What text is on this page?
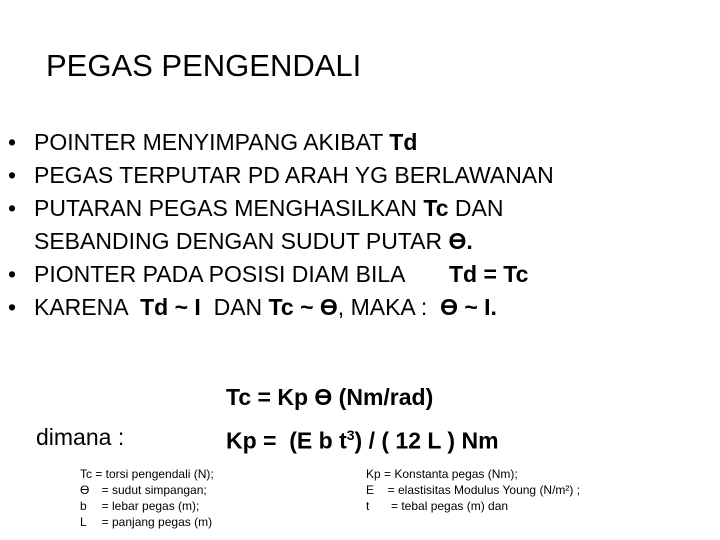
PEGAS PENGENDALI
• POINTER MENYIMPANG AKIBAT Td
• PEGAS TERPUTAR PD ARAH YG BERLAWANAN
• PUTARAN PEGAS MENGHASILKAN Tc DAN
SEBANDING DENGAN SUDUT PUTAR ϴ.
• PIONTER PADA POSISI DIAM BILA       Td = Tc
• KARENA  Td ~ I  DAN Tc ~ ϴ, MAKA :  ϴ ~ I.
dimana :
Tc = Kp ϴ (Nm/rad)
Kp =  (E b $t^3$) / ( 12 L ) Nm
Tc = torsi pengendali (N);
ϴ  = sudut simpangan;
b  = lebar pegas (m);
L  = panjang pegas (m)
Kp = Konstanta pegas (Nm);
E  = elastisitas Modulus Young (N/m²) ;
t   = tebal pegas (m) dan
